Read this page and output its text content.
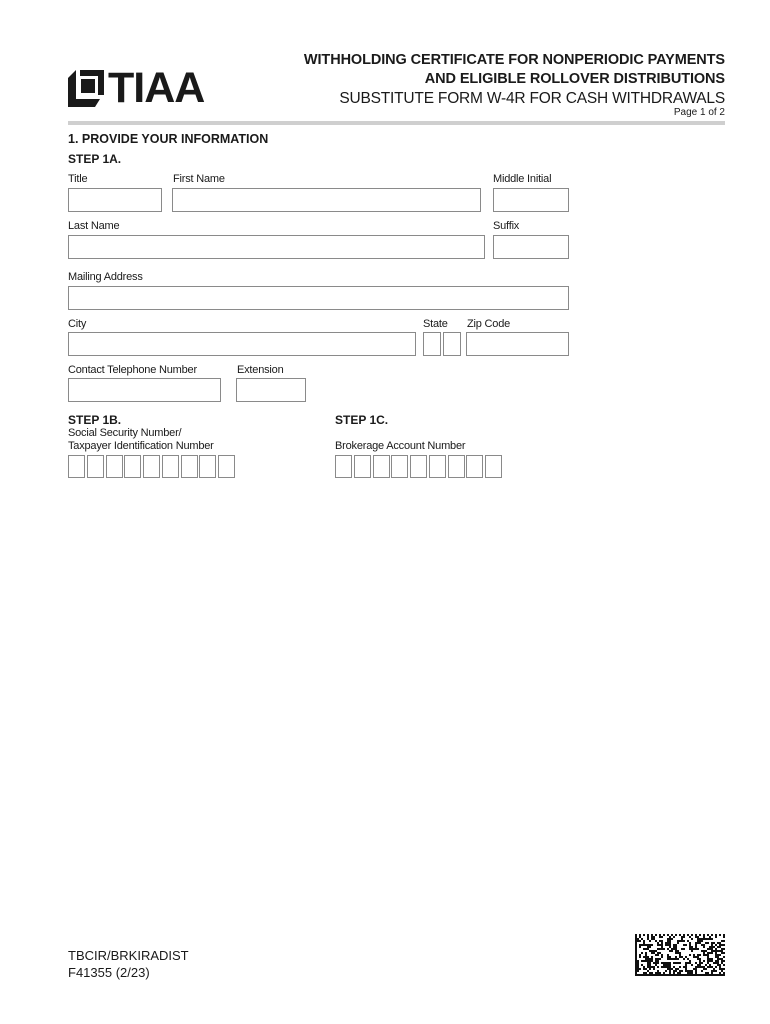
TIAA
WITHHOLDING CERTIFICATE FOR NONPERIODIC PAYMENTS
AND ELIGIBLE ROLLOVER DISTRIBUTIONS
SUBSTITUTE FORM W-4R FOR CASH WITHDRAWALS
Page 1 of 2
1. PROVIDE YOUR INFORMATION
STEP 1A.
Title	First Name	Middle Initial
Last Name	Suffix
Mailing Address
City	State Zip Code
Contact Telephone Number	Extension
STEP 1B.
Social Security Number/
Taxpayer Identification Number
STEP 1C.
Brokerage Account Number
TBCIR/BRKIRADIST
F41355 (2/23)
